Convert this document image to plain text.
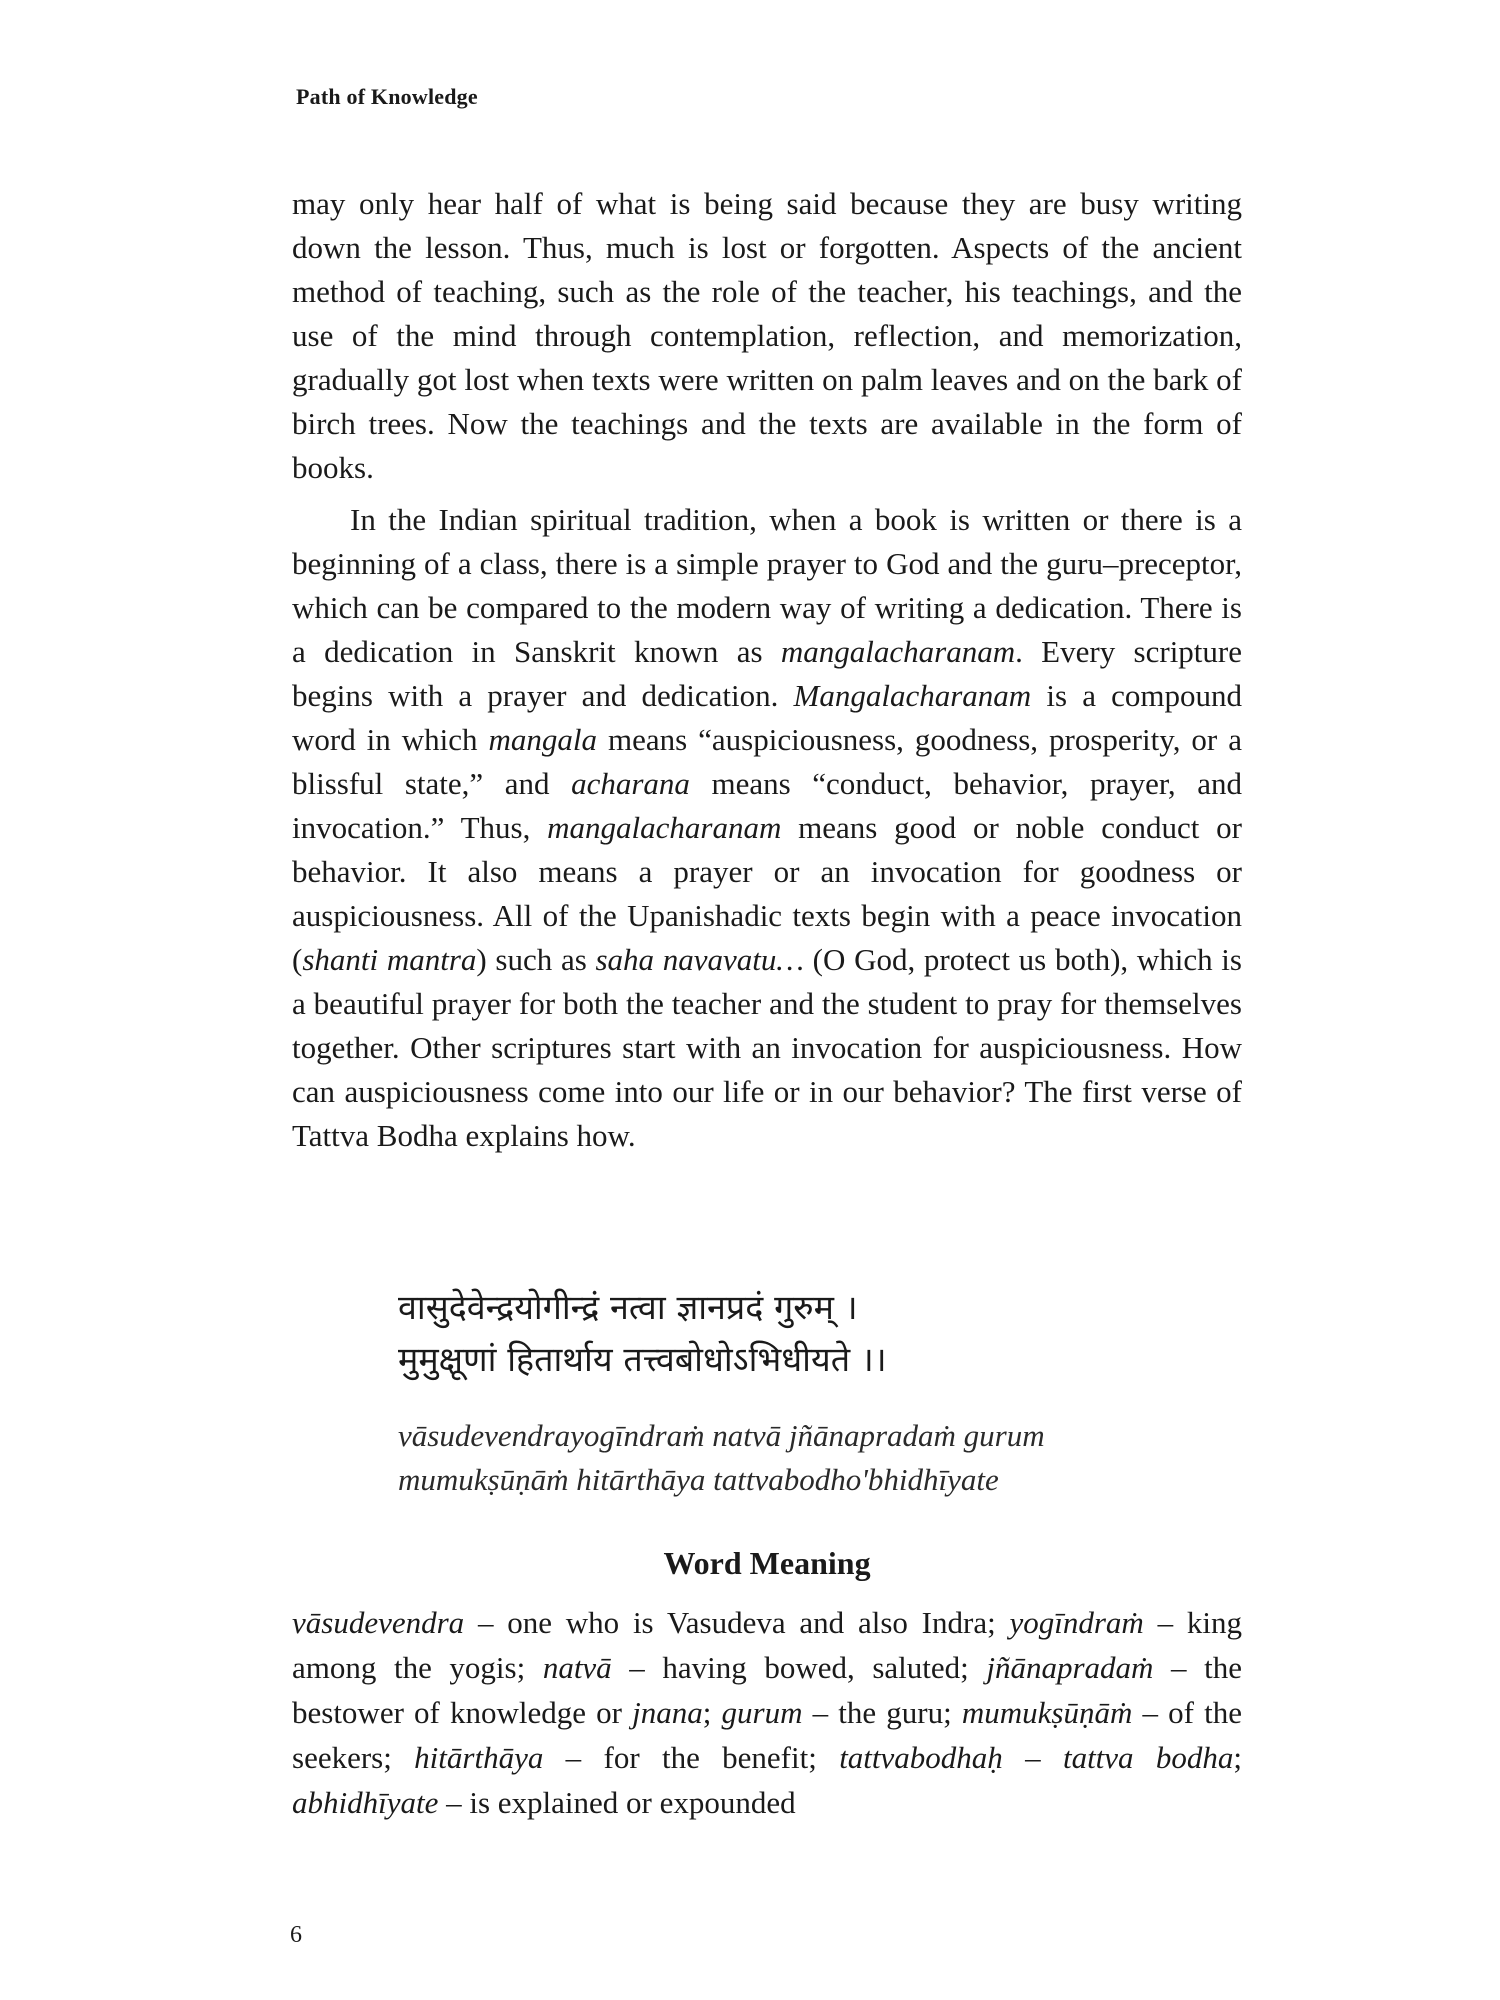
Path of Knowledge

may only hear half of what is being said because they are busy writing down the lesson. Thus, much is lost or forgotten. Aspects of the ancient method of teaching, such as the role of the teacher, his teachings, and the use of the mind through contemplation, reflection, and memorization, gradually got lost when texts were written on palm leaves and on the bark of birch trees. Now the teachings and the texts are available in the form of books.

In the Indian spiritual tradition, when a book is written or there is a beginning of a class, there is a simple prayer to God and the guru–preceptor, which can be compared to the modern way of writing a dedication. There is a dedication in Sanskrit known as mangalacharanam. Every scripture begins with a prayer and dedication. Mangalacharanam is a compound word in which mangala means “auspiciousness, goodness, prosperity, or a blissful state,” and acharana means “conduct, behavior, prayer, and invocation.” Thus, mangalacharanam means good or noble conduct or behavior. It also means a prayer or an invocation for goodness or auspiciousness. All of the Upanishadic texts begin with a peace invocation (shanti mantra) such as saha navavatu… (O God, protect us both), which is a beautiful prayer for both the teacher and the student to pray for themselves together. Other scriptures start with an invocation for auspiciousness. How can auspiciousness come into our life or in our behavior? The first verse of Tattva Bodha explains how.

वासुदेवेन्द्रयोगीन्द्रं नत्वा ज्ञानप्रदं गुरुम् ।
मुमुक्षूणां हितार्थाय तत्त्वबोधोऽभिधीयते ।।
vāsudevendrayogīndraṁ natvā jñānapradaṁ gurum
mumukṣūṇāṁ hitārthāya tattvabodho'bhidhīyate
Word Meaning

vāsudevendra – one who is Vasudeva and also Indra; yogīndraṁ – king among the yogis; natvā – having bowed, saluted; jñānapradaṁ – the bestower of knowledge or jnana; gurum – the guru; mumukṣūṇāṁ – of the seekers; hitārthāya – for the benefit; tattvabodhaḥ – tattva bodha; abhidhīyate – is explained or expounded

6
